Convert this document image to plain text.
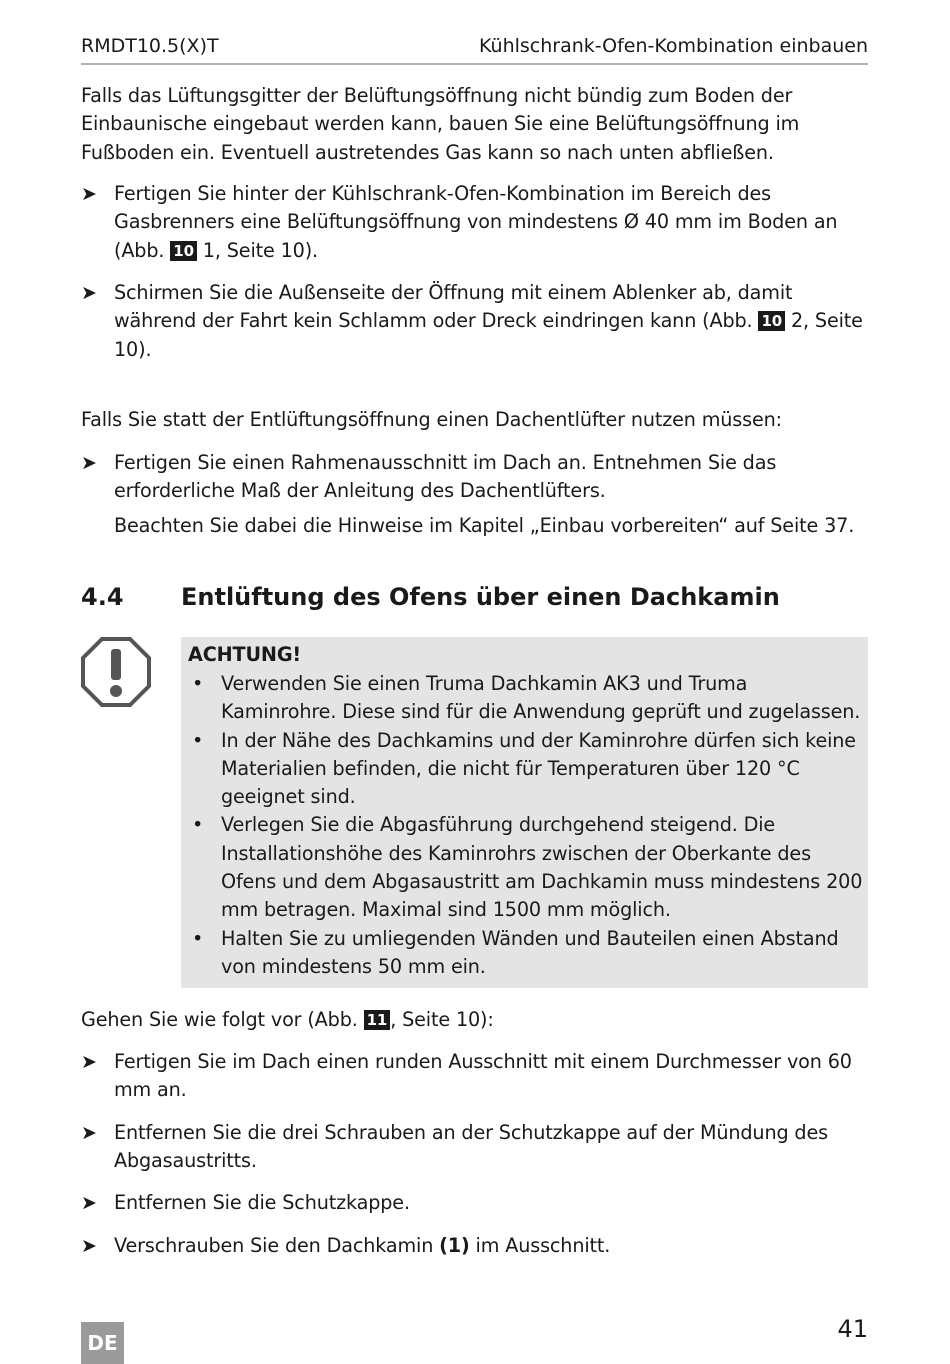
RMDT10.5(X)T	Kühlschrank-Ofen-Kombination einbauen
Falls das Lüftungsgitter der Belüftungsöffnung nicht bündig zum Boden der Einbaunische eingebaut werden kann, bauen Sie eine Belüftungsöffnung im Fußboden ein. Eventuell austretendes Gas kann so nach unten abfließen.
➤ Fertigen Sie hinter der Kühlschrank-Ofen-Kombination im Bereich des Gasbrenners eine Belüftungsöffnung von mindestens Ø 40 mm im Boden an (Abb. 10 1, Seite 10).
➤ Schirmen Sie die Außenseite der Öffnung mit einem Ablenker ab, damit während der Fahrt kein Schlamm oder Dreck eindringen kann (Abb. 10 2, Seite 10).
Falls Sie statt der Entlüftungsöffnung einen Dachentlüfter nutzen müssen:
➤ Fertigen Sie einen Rahmenausschnitt im Dach an. Entnehmen Sie das erforderliche Maß der Anleitung des Dachentlüfters.
Beachten Sie dabei die Hinweise im Kapitel „Einbau vorbereiten“ auf Seite 37.
4.4 Entlüftung des Ofens über einen Dachkamin
ACHTUNG!
• Verwenden Sie einen Truma Dachkamin AK3 und Truma Kaminrohre. Diese sind für die Anwendung geprüft und zugelassen.
• In der Nähe des Dachkamins und der Kaminrohre dürfen sich keine Materialien befinden, die nicht für Temperaturen über 120 °C geeignet sind.
• Verlegen Sie die Abgasführung durchgehend steigend. Die Installationshöhe des Kaminrohrs zwischen der Oberkante des Ofens und dem Abgasaustritt am Dachkamin muss mindestens 200 mm betragen. Maximal sind 1500 mm möglich.
• Halten Sie zu umliegenden Wänden und Bauteilen einen Abstand von mindestens 50 mm ein.
Gehen Sie wie folgt vor (Abb. 11 , Seite 10):
➤ Fertigen Sie im Dach einen runden Ausschnitt mit einem Durchmesser von 60 mm an.
➤ Entfernen Sie die drei Schrauben an der Schutzkappe auf der Mündung des Abgasaustritts.
➤ Entfernen Sie die Schutzkappe.
➤ Verschrauben Sie den Dachkamin (1) im Ausschnitt.
DE	41
